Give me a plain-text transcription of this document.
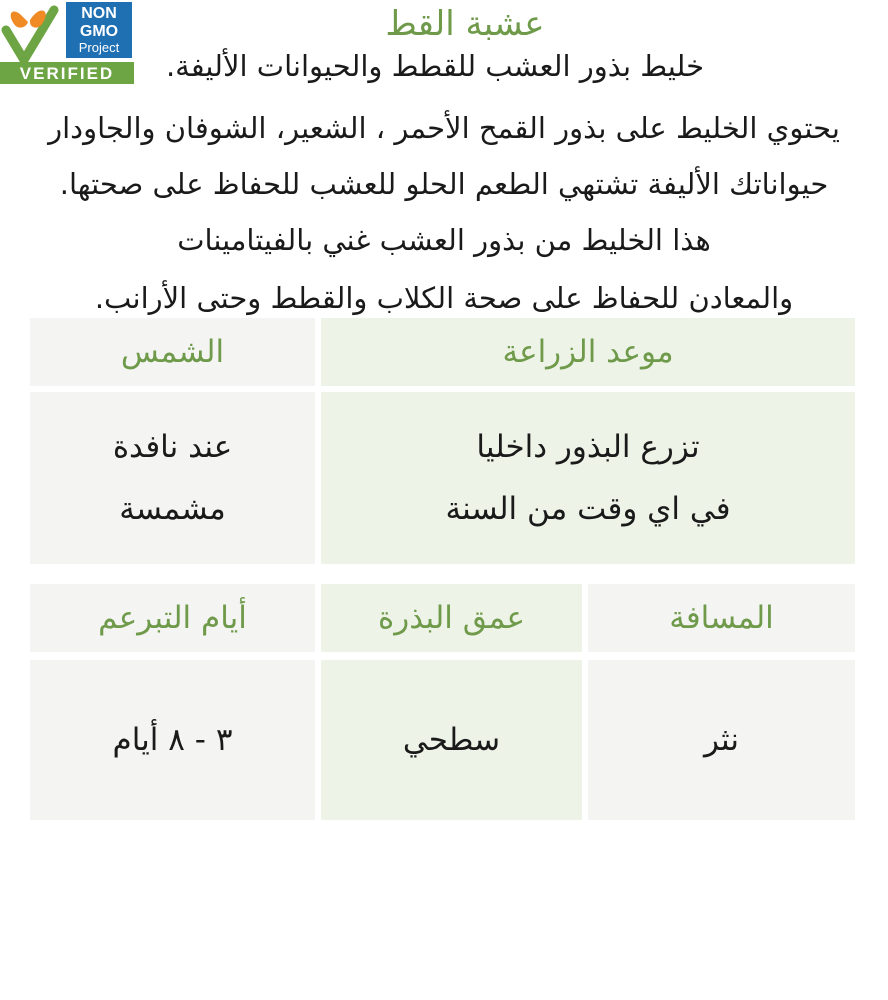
NON
GMO
Project
VERIFIED
عشبة القط
خليط بذور العشب للقطط والحيوانات الأليفة.
يحتوي الخليط على بذور القمح الأحمر ، الشعير، الشوفان والجاودار
حيواناتك الأليفة تشتهي الطعم الحلو للعشب للحفاظ على صحتها.
هذا الخليط من بذور العشب غني بالفيتامينات
والمعادن للحفاظ على صحة الكلاب والقطط وحتى الأرانب.
موعد الزراعة
الشمس
تزرع البذور داخليا
في اي وقت من السنة
عند نافدة
مشمسة
المسافة
عمق البذرة
أيام التبرعم
نثر
سطحي
٣ - ٨ أيام
